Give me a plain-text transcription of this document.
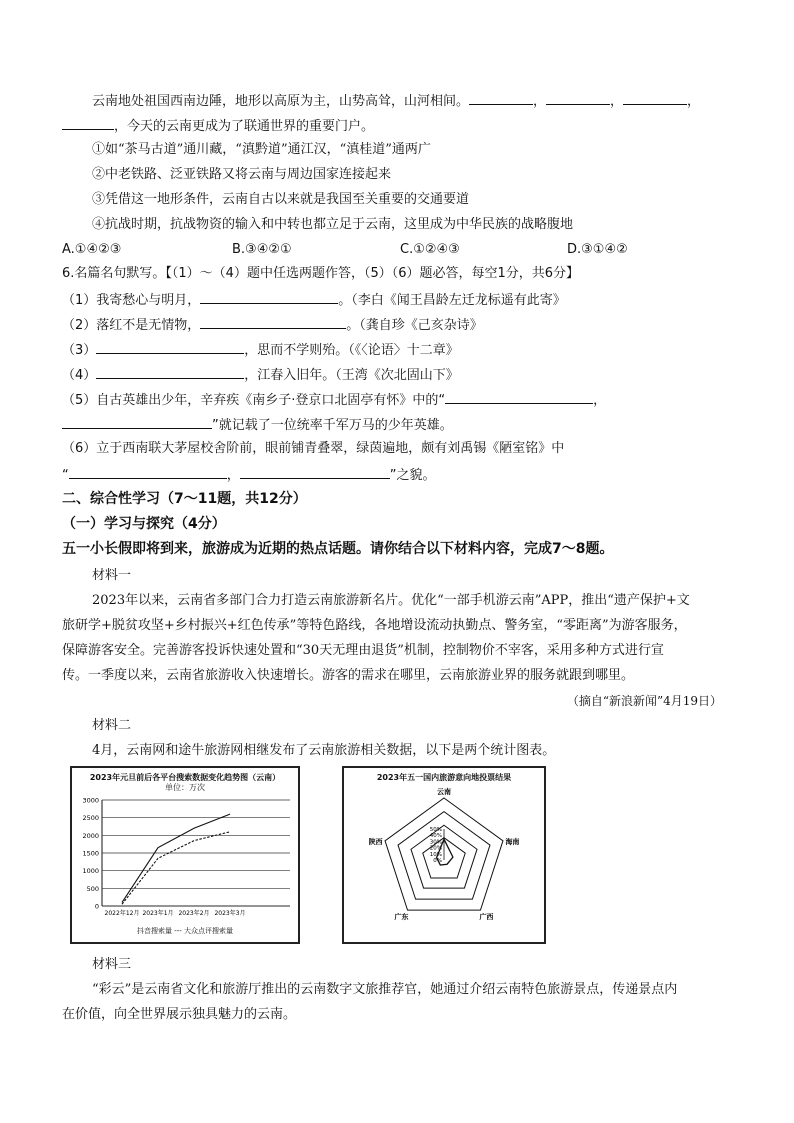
云南地处祖国西南边陲，地形以高原为主，山势高耸，山河相间。	，	，	，
，今天的云南更成为了联通世界的重要门户。
①如“茶马古道”通川藏，“滇黔道”通江汉，“滇桂道”通两广
②中老铁路、泛亚铁路又将云南与周边国家连接起来
③凭借这一地形条件，云南自古以来就是我国至关重要的交通要道
④抗战时期，抗战物资的输入和中转也都立足于云南，这里成为中华民族的战略腹地
A.①④②③	B.③④②①	C.①②④③	D.③①④②
6.名篇名句默写。【（1）～（4）题中任选两题作答，（5）（6）题必答，每空1分，共6分】
（1）我寄愁心与明月，	。（李白《闻王昌龄左迁龙标遥有此寄》
（2）落红不是无情物，	。（龚自珍《己亥杂诗》
（3）	，思而不学则殆。（《〈论语〉十二章》
（4）	，江春入旧年。（王湾《次北固山下》
（5）自古英雄出少年，辛弃疾《南乡子·登京口北固亭有怀》中的“	，
”就记载了一位统率千军万马的少年英雄。
（6）立于西南联大茅屋校舍阶前，眼前铺青叠翠，绿茵遍地，颇有刘禹锡《陋室铭》中
“	，	”之貌。
二、综合性学习（7～11题，共12分）
（一）学习与探究（4分）
五一小长假即将到来，旅游成为近期的热点话题。请你结合以下材料内容，完成7～8题。
材料一
2023年以来，云南省多部门合力打造云南旅游新名片。优化“一部手机游云南”APP，推出“遗产保护+文
旅研学+脱贫攻坚+乡村振兴+红色传承”等特色路线，各地增设流动执勤点、警务室，“零距离”为游客服务，
保障游客安全。完善游客投诉快速处置和“30天无理由退货”机制，控制物价不宰客，采用多种方式进行宣
传。一季度以来，云南省旅游收入快速增长。游客的需求在哪里，云南旅游业界的服务就跟到哪里。
（摘自“新浪新闻”4月19日）
材料二
4月，云南网和途牛旅游网相继发布了云南旅游相关数据，以下是两个统计图表。
2023年元旦前后各平台搜索数据变化趋势图（云南）
单位：万次
0
500
1000
1500
2000
2500
3000
2022年12月 2023年1月 2023年2月 2023年3月
抖音搜索量 --- 大众点评搜索量
2023年五一国内旅游意向地投票结果
50%
40%
30%
20%
10%
0%
云南
海南
广西
广东
陕西
材料三
“彩云”是云南省文化和旅游厅推出的云南数字文旅推荐官，她通过介绍云南特色旅游景点，传递景点内
在价值，向全世界展示独具魅力的云南。
